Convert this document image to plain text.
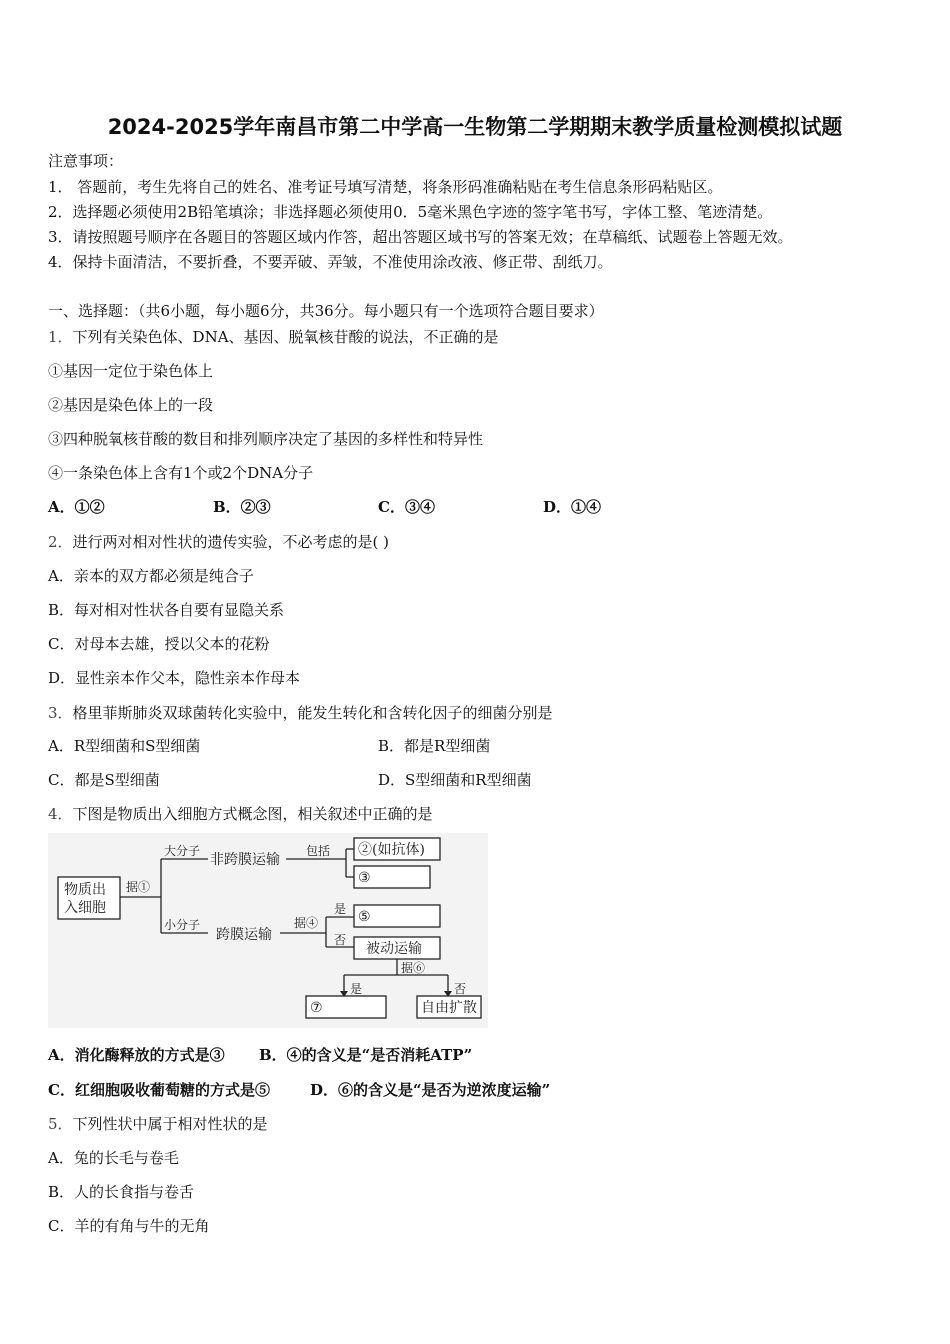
2024-2025学年南昌市第二中学高一生物第二学期期末教学质量检测模拟试题
注意事项：
1． 答题前，考生先将自己的姓名、准考证号填写清楚，将条形码准确粘贴在考生信息条形码粘贴区。
2．选择题必须使用2B铅笔填涂；非选择题必须使用0．5毫米黑色字迹的签字笔书写，字体工整、笔迹清楚。
3．请按照题号顺序在各题目的答题区域内作答，超出答题区域书写的答案无效；在草稿纸、试题卷上答题无效。
4．保持卡面清洁，不要折叠，不要弄破、弄皱，不准使用涂改液、修正带、刮纸刀。
一、选择题：（共6小题，每小题6分，共36分。每小题只有一个选项符合题目要求）
1．下列有关染色体、DNA、基因、脱氧核苷酸的说法，不正确的是
①基因一定位于染色体上
②基因是染色体上的一段
③四种脱氧核苷酸的数目和排列顺序决定了基因的多样性和特异性
④一条染色体上含有1个或2个DNA分子
A．①②	B．②③	C．③④	D．①④
2．进行两对相对性状的遗传实验，不必考虑的是( )
A．亲本的双方都必须是纯合子
B．每对相对性状各自要有显隐关系
C．对母本去雄，授以父本的花粉
D．显性亲本作父本，隐性亲本作母本
3．格里菲斯肺炎双球菌转化实验中，能发生转化和含转化因子的细菌分别是
A．R型细菌和S型细菌	B．都是R型细菌
C．都是S型细菌	D．S型细菌和R型细菌
4．下图是物质出入细胞方式概念图，相关叙述中正确的是
物质出
入细胞
据①
大分子
非跨膜运输
包括 ②(如抗体)
③
小分子
跨膜运输
据④
是
否
⑤
被动运输
据⑥
是	否
⑦	自由扩散
A．消化酶释放的方式是③ B．④的含义是“是否消耗ATP”
C．红细胞吸收葡萄糖的方式是⑤	D．⑥的含义是“是否为逆浓度运输”
5．下列性状中属于相对性状的是
A．兔的长毛与卷毛
B．人的长食指与卷舌
C．羊的有角与牛的无角
